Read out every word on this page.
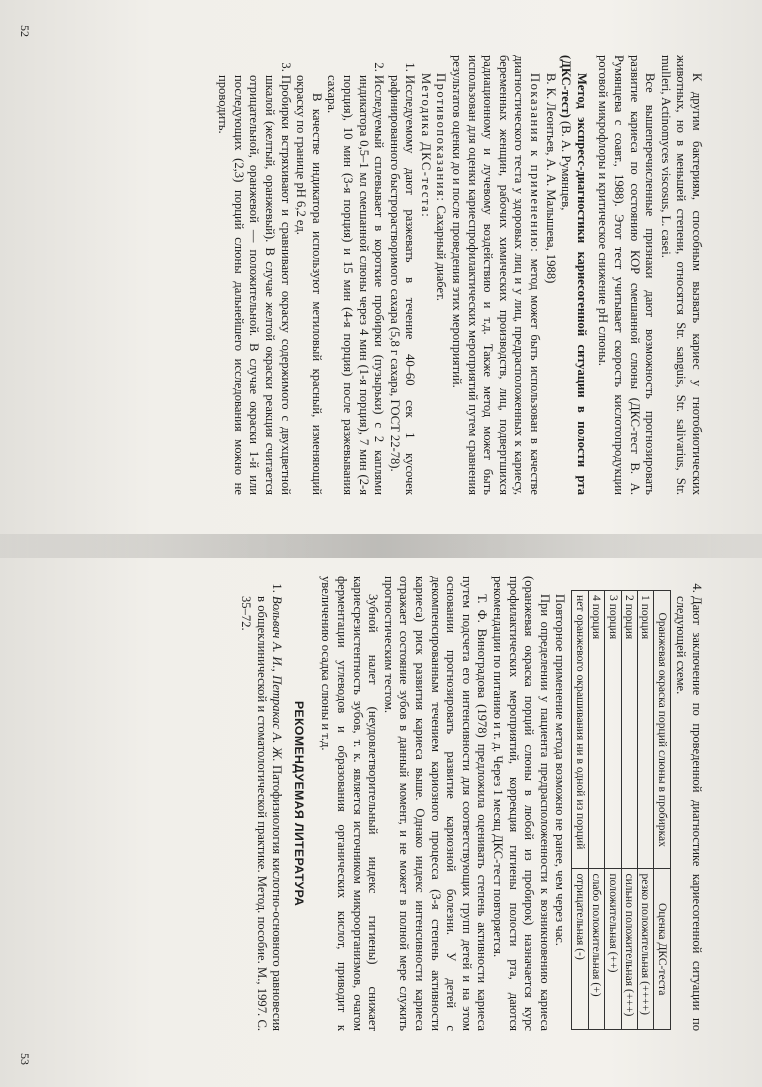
К другим бактериям, способным вызвать кариес у гнотобиотических животных, но в меньшей степени, относятся Str. sanguis, Str. salivarius, Str. mulleri, Actinomyces viscosus, L. casei.

Все вышеперечисленные признаки дают возможность прогнозировать развитие кариеса по состоянию КОР смешанной слюны (ДКС-тест В. А. Румянцева с соавт., 1988). Этот тест учитывает скорость кислотопродукции роговой микрофлоры и критическое снижение pH слюны.

Метод экспресс-диагностики кариесогенной ситуации в полости рта (ДКС-тест) (В. А. Румянцев,

В. К. Леонтьев, А. А. Малышева, 1988)

Показания к применению: метод может быть использован в качестве диагностического теста у здоровых лиц и у лиц, предрасположенных к кариесу, беременных женщин, рабочих химических производств, лиц, подвергшихся радиационному и лучевому воздействию и т.д. Также метод может быть использован для оценки кариеспрофилактических мероприятий путем сравнения результатов оценки до и после проведения этих мероприятий.

Противопоказания: Сахарный диабет.

Методика ДКС-теста:

1. Исследуемому дают разжевать в течение 40–60 сек 1 кусочек рафинированного быстрорастворимого сахара (5,8 г сахара, ГОСТ 22-78).
2. Исследуемый сплевывает в короткие пробирки (пузырьки) с 2 каплями индикатора 0,5–1 мл смешанной слюны через 4 мин (1-я порция), 7 мин (2-я порция), 10 мин (3-я порция) и 15 мин (4-я порция) после разжевывания сахара.
В качестве индикатора используют метиловый красный, изменяющий окраску по границе pH 6,2 ед.
3. Пробирки встряхивают и сравнивают окраску содержимого с двухцветной шкалой (желтый, оранжевый). В случае желтой окраски реакция считается отрицательной, оранжевой — положительной. В случае окраски 1-й или последующих (2,3) порций слюны дальнейшего исследования можно не проводить.
52
4. Дают заключение по проведенной диагностике кариесогенной ситуации по следующей схеме.
Оранжевая окраска порций слюны в пробирках	Оценка ДКС-теста
1 порция	резко положительная (++++)
2 порция	сильно положительная (+++)
3 порция	положительная (++)
4 порция	слабо положительная (+)
нет оранжевого окрашивания ни в одной из порций	отрицательная (-)

Повторное применение метода возможно не ранее, чем через час.

При определении у пациента предрасположенности к возникновению кариеса (оранжевая окраска порций слюны в любой из пробирок) назначается курс профилактических мероприятий, коррекция гигиены полости рта, даются рекомендации по питанию и т. д. Через 1 месяц ДКС-тест повторяется.

Т. Ф. Виноградова (1978) предложила оценивать степень активности кариеса путем подсчета его интенсивности для соответствующих групп детей и на этом основании прогнозировать развитие кариозной болезни. У детей с декомпенсированным течением кариозного процесса (3-я степень активности кариеса) риск развития кариеса выше. Однако индекс интенсивности кариеса отражает состояние зубов в данный момент, и не может в полной мере служить прогностическим тестом.

Зубной налет (неудовлетворительный индекс гигиены) снижает кариесрезистентность зубов, т. к. является источником микроорганизмов, очагом ферментации углеводов и образования органических кислот, приводит к увеличению осадка слюны и т.д.

РЕКОМЕНДУЕМАЯ ЛИТЕРАТУРА

1. Вольвач А. И., Петракас А. Ж. Патофизиология кислотно-основного равновесия в общеклинической и стоматологической практике. Метод. пособие. М., 1997. С. 35–72.
53
